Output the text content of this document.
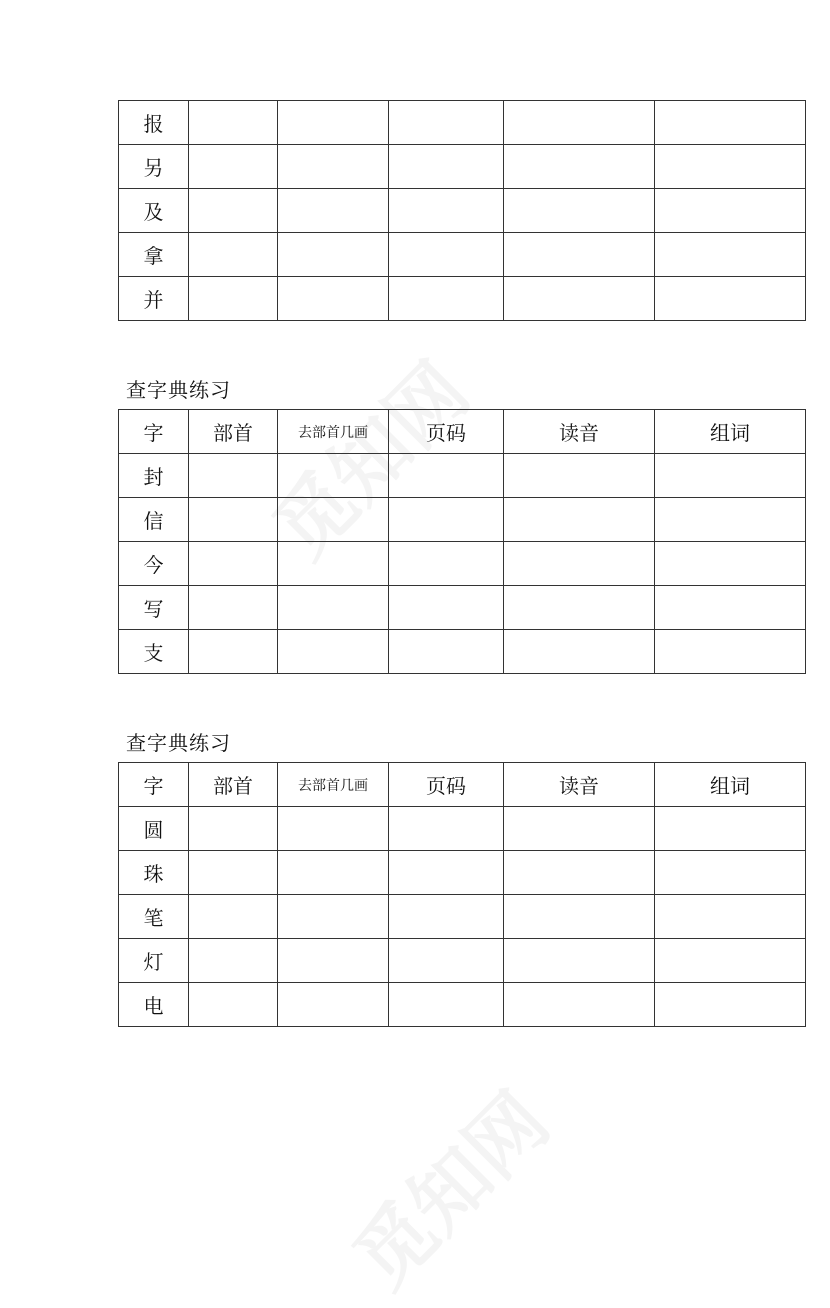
报					
另					
及					
拿					
并					
查字典练习
字	部首	去部首几画	页码	读音	组词
封					
信					
今					
写					
支					
查字典练习
字	部首	去部首几画	页码	读音	组词
圆					
珠					
笔					
灯					
电					
